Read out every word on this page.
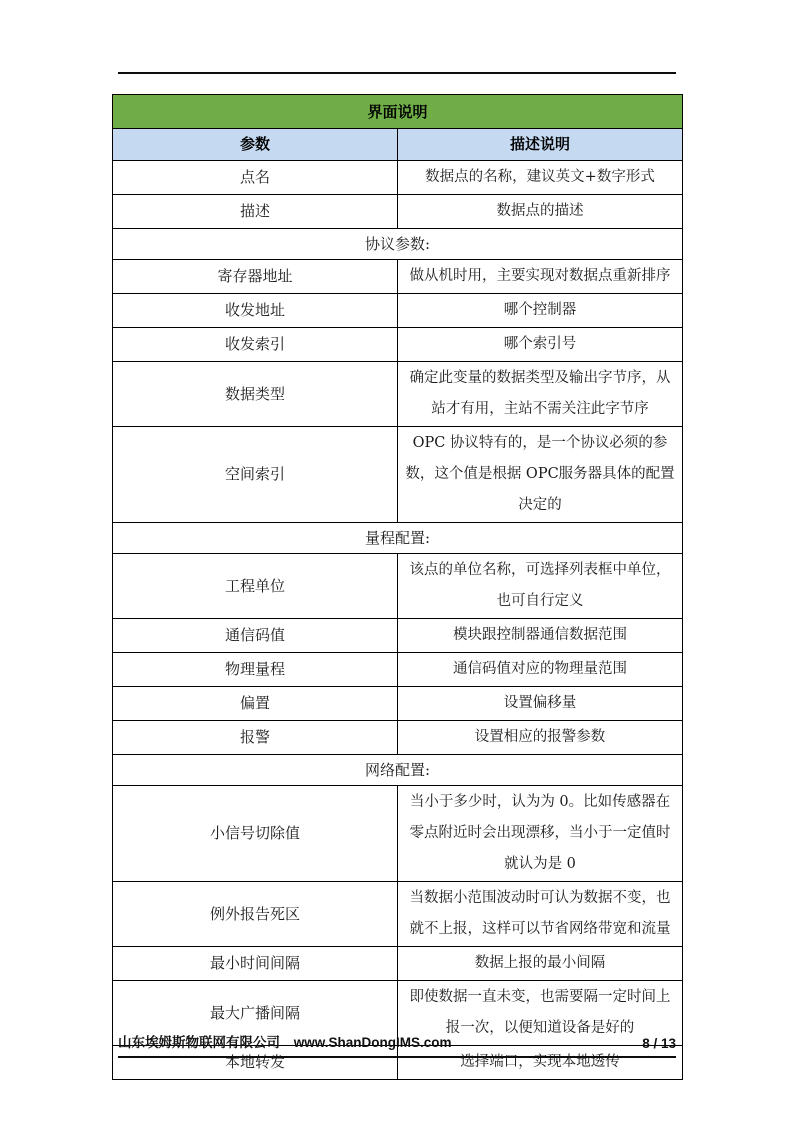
界面说明	
参数	描述说明
点名	数据点的名称，建议英文+数字形式
描述	数据点的描述
协议参数:	
寄存器地址	做从机时用，主要实现对数据点重新排序
收发地址	哪个控制器
收发索引	哪个索引号
数据类型	确定此变量的数据类型及输出字节序，从站才有用，主站不需关注此字节序
空间索引	OPC 协议特有的，是一个协议必须的参数，这个值是根据 OPC服务器具体的配置决定的
量程配置:	
工程单位	该点的单位名称，可选择列表框中单位，也可自行定义
通信码值	模块跟控制器通信数据范围
物理量程	通信码值对应的物理量范围
偏置	设置偏移量
报警	设置相应的报警参数
网络配置:	
小信号切除值	当小于多少时，认为为 0。比如传感器在零点附近时会出现漂移，当小于一定值时就认为是 0
例外报告死区	当数据小范围波动时可认为数据不变，也就不上报，这样可以节省网络带宽和流量
最小时间间隔	数据上报的最小间隔
最大广播间隔	即使数据一直未变，也需要隔一定时间上报一次，以便知道设备是好的
本地转发	选择端口，实现本地透传
山东埃姆斯物联网有限公司 www.ShanDongIMS.com	8 / 13
